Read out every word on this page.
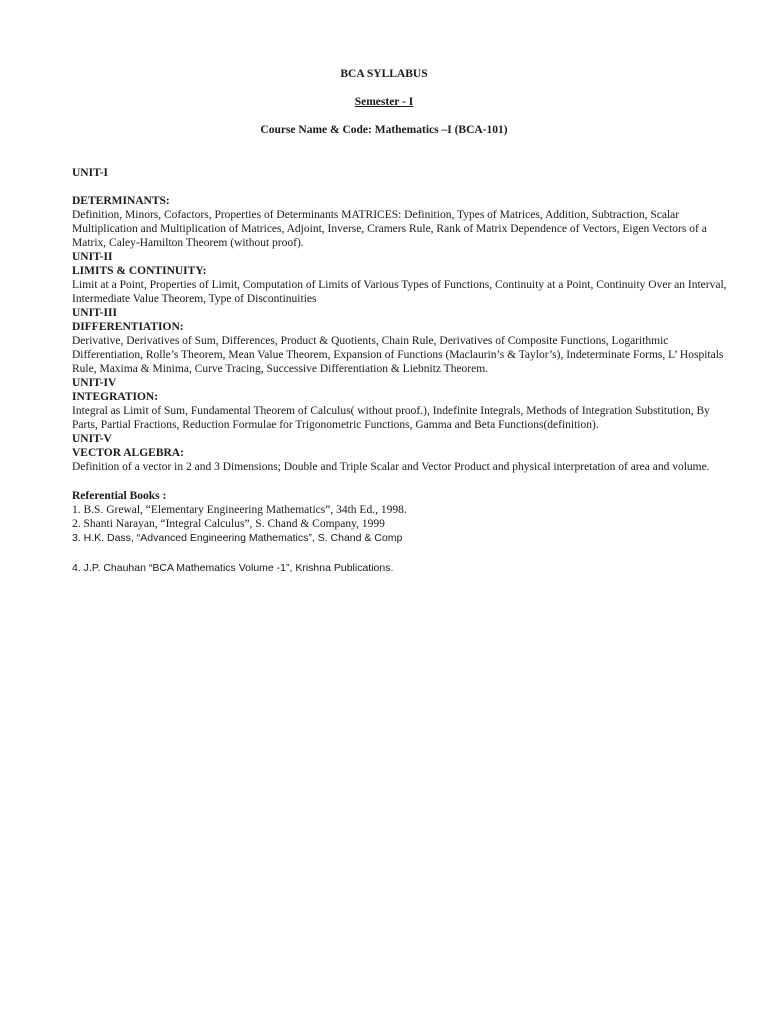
BCA SYLLABUS
Semester - I
Course Name & Code: Mathematics –I (BCA-101)
UNIT-I
DETERMINANTS:
Definition, Minors, Cofactors, Properties of Determinants MATRICES: Definition, Types of Matrices, Addition, Subtraction, Scalar Multiplication and Multiplication of Matrices, Adjoint, Inverse, Cramers Rule, Rank of Matrix Dependence of Vectors, Eigen Vectors of a Matrix, Caley-Hamilton Theorem (without proof).
UNIT-II
LIMITS & CONTINUITY:
Limit at a Point, Properties of Limit, Computation of Limits of Various Types of Functions, Continuity at a Point, Continuity Over an Interval, Intermediate Value Theorem, Type of Discontinuities
UNIT-III
DIFFERENTIATION:
Derivative, Derivatives of Sum, Differences, Product & Quotients, Chain Rule, Derivatives of Composite Functions, Logarithmic Differentiation, Rolle’s Theorem, Mean Value Theorem, Expansion of Functions (Maclaurin’s & Taylor’s), Indeterminate Forms, L’ Hospitals Rule, Maxima & Minima, Curve Tracing, Successive Differentiation & Liebnitz Theorem.
UNIT-IV
INTEGRATION:
Integral as Limit of Sum, Fundamental Theorem of Calculus( without proof.), Indefinite Integrals, Methods of Integration Substitution, By Parts, Partial Fractions, Reduction Formulae for Trigonometric Functions, Gamma and Beta Functions(definition).
UNIT-V
VECTOR ALGEBRA:
Definition of a vector in 2 and 3 Dimensions; Double and Triple Scalar and Vector Product and physical interpretation of area and volume.
Referential Books :
1. B.S. Grewal, “Elementary Engineering Mathematics”, 34th Ed., 1998.
2. Shanti Narayan, “Integral Calculus”, S. Chand & Company, 1999
3. H.K. Dass, “Advanced Engineering Mathematics”, S. Chand & Comp
4. J.P. Chauhan “BCA Mathematics Volume -1”, Krishna Publications.
